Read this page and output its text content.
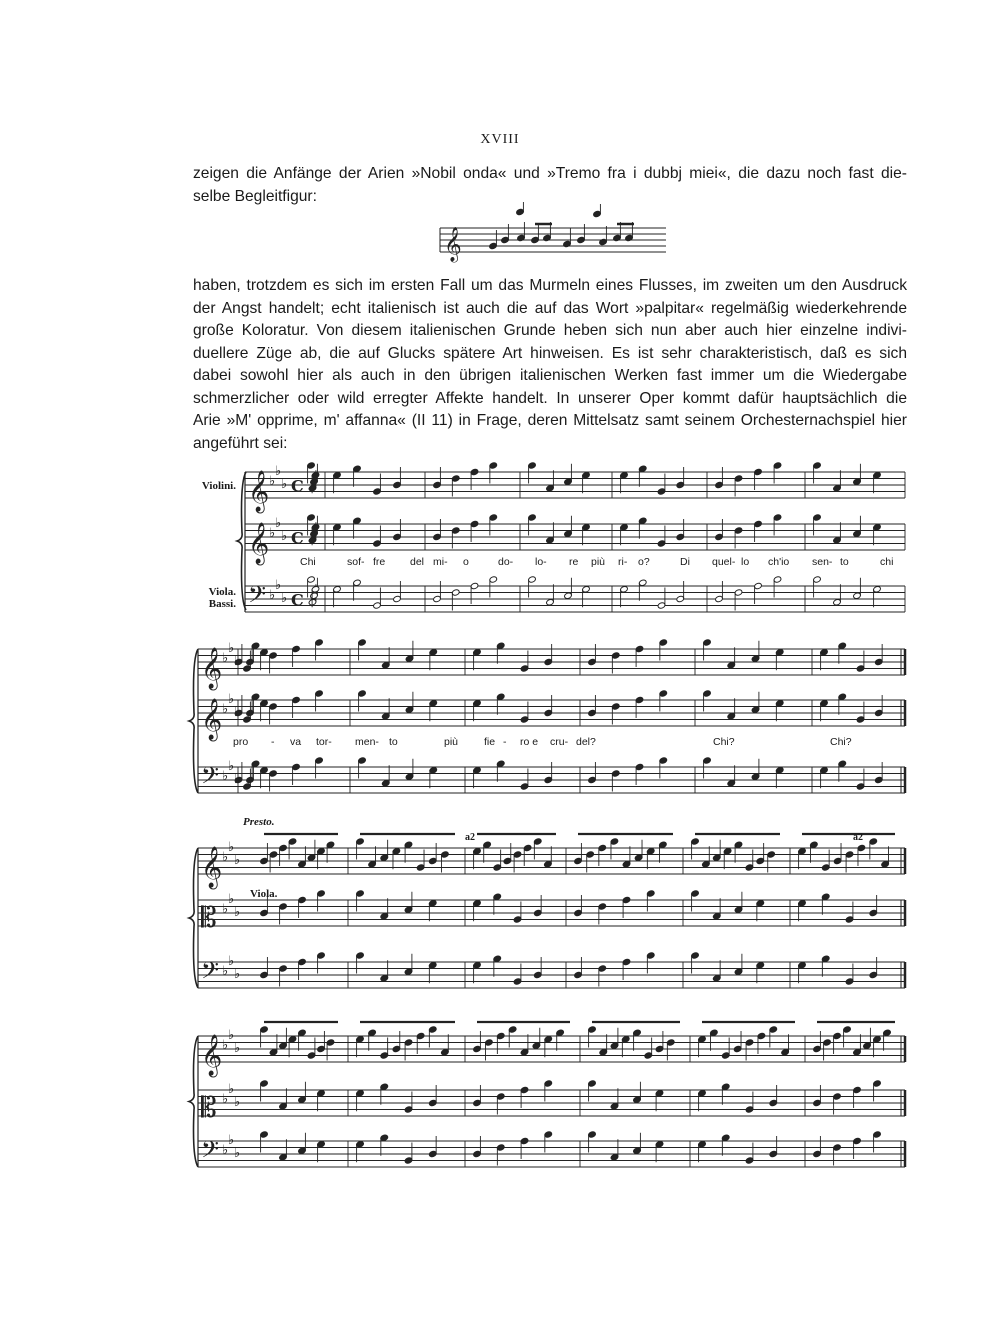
XVIII
zeigen die Anfänge der Arien »Nobil onda« und »Tremo fra i dubbj miei«, die dazu noch fast die-
selbe Begleitfigur:
haben, trotzdem es sich im ersten Fall um das Murmeln eines Flusses, im zweiten um den Ausdruck
der Angst handelt; echt italienisch ist auch die auf das Wort »palpitar« regelmäßig wiederkehrende
große Koloratur. Von diesem italienischen Grunde heben sich nun aber auch hier einzelne indivi-
duellere Züge ab, die auf Glucks spätere Art hinweisen. Es ist sehr charakteristisch, daß es sich
dabei sowohl hier als auch in den übrigen italienischen Werken fast immer um die Wiedergabe
schmerzlicher oder wild erregter Affekte handelt. In unserer Oper kommt dafür hauptsächlich die
Arie »M' opprime, m' affanna« (II 11) in Frage, deren Mittelsatz samt seinem Orchesternachspiel hier
angeführt sei:
𝄞
𝄞 ♭
♭
♭ C
𝄞 ♭
♭
♭ C
𝄢 ♭
♭
♭ C
𝄞 ♭
♭
𝄞 ♭
♭
𝄢 ♭
♭
𝄞 ♭
♭
♭
𝄡 ♭
♭
♭
𝄢 ♭
♭
♭
𝄞 ♭
♭
♭
𝄡 ♭
♭
♭
𝄢 ♭
♭
♭
Violini.
Viola.
Bassi.
Presto.
Viola.
a2	a2
Chi	sof- fre del mi- o	do- lo- re più ri- o?	Di quel- lo ch'io sen- to	chi
pro - va tor- men- to	più fie - ro e cru- del?	Chi?	Chi?
